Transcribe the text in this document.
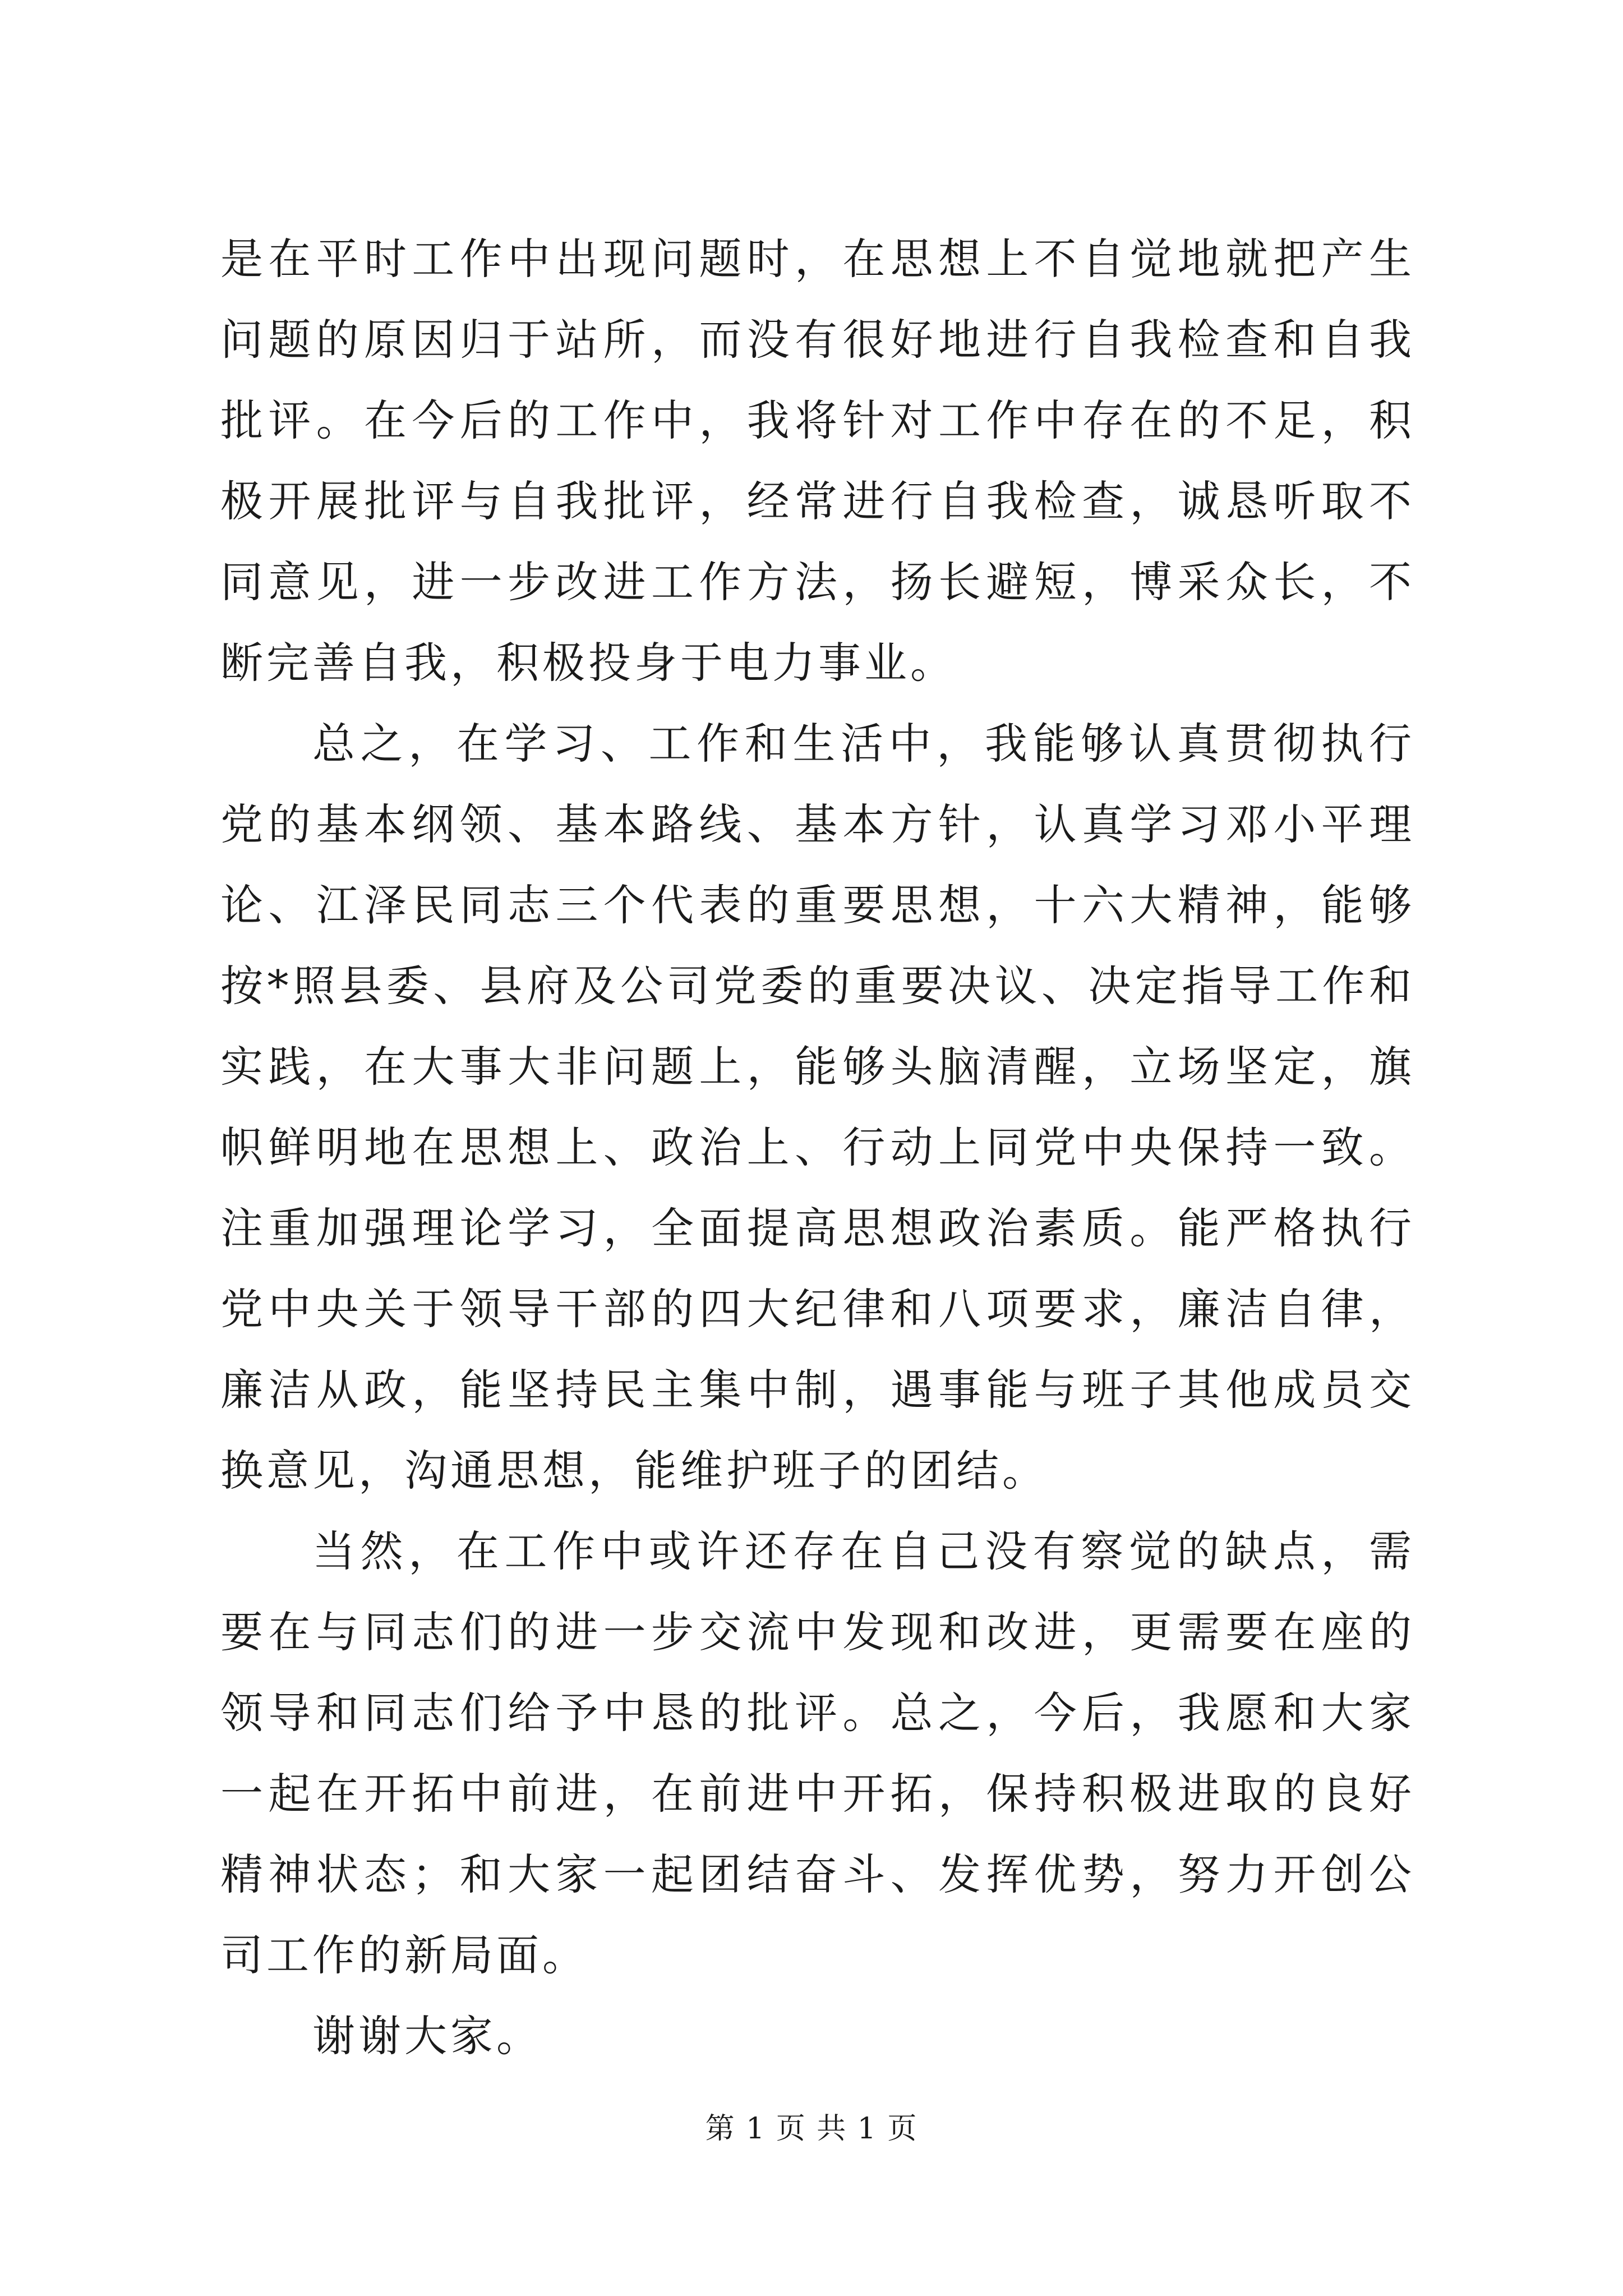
是在平时工作中出现问题时，在思想上不自觉地就把产生问题的原因归于站所，而没有很好地进行自我检查和自我批评。在今后的工作中，我将针对工作中存在的不足，积极开展批评与自我批评，经常进行自我检查，诚恳听取不同意见，进一步改进工作方法，扬长避短，博采众长，不断完善自我，积极投身于电力事业。

总之，在学习、工作和生活中，我能够认真贯彻执行党的基本纲领、基本路线、基本方针，认真学习邓小平理论、江泽民同志三个代表的重要思想，十六大精神，能够按*照县委、县府及公司党委的重要决议、决定指导工作和实践，在大事大非问题上，能够头脑清醒，立场坚定，旗帜鲜明地在思想上、政治上、行动上同党中央保持一致。注重加强理论学习，全面提高思想政治素质。能严格执行党中央关于领导干部的四大纪律和八项要求，廉洁自律，廉洁从政，能坚持民主集中制，遇事能与班子其他成员交换意见，沟通思想，能维护班子的团结。

当然，在工作中或许还存在自己没有察觉的缺点，需要在与同志们的进一步交流中发现和改进，更需要在座的领导和同志们给予中恳的批评。总之，今后，我愿和大家一起在开拓中前进，在前进中开拓，保持积极进取的良好精神状态；和大家一起团结奋斗、发挥优势，努力开创公司工作的新局面。

谢谢大家。

第 1 页 共 1 页
